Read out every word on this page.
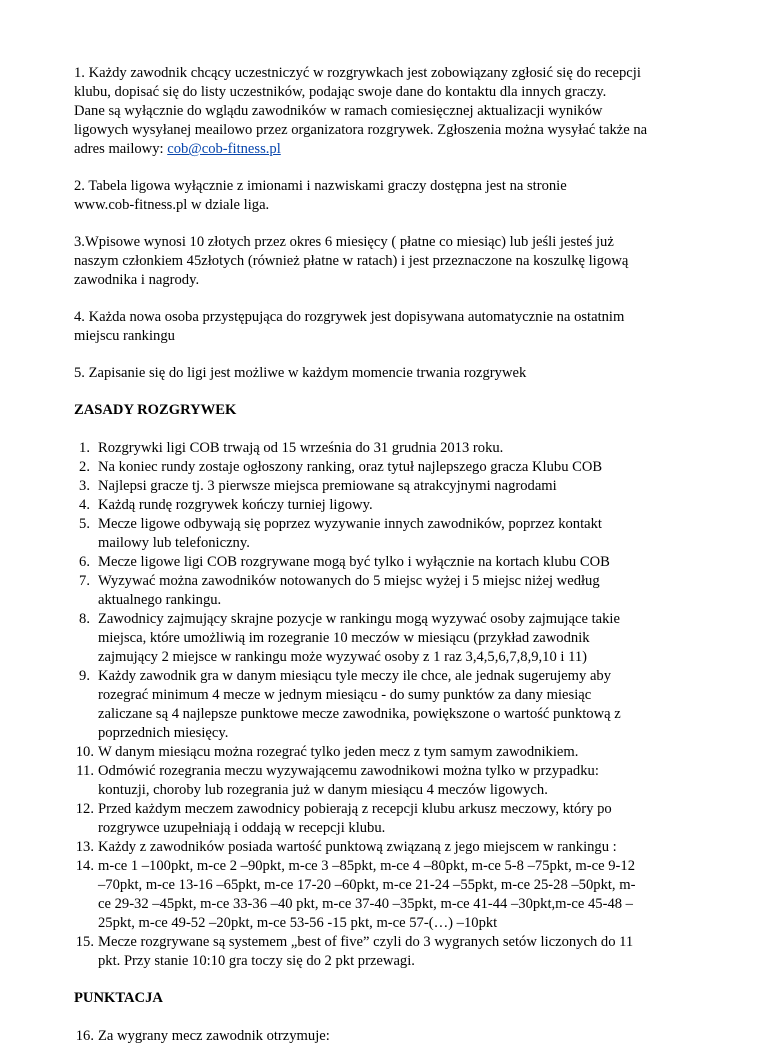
1. Każdy zawodnik chcący uczestniczyć w rozgrywkach jest zobowiązany zgłosić się do recepcji
klubu, dopisać się do listy uczestników, podając swoje dane do kontaktu dla innych graczy.
Dane są wyłącznie do wglądu zawodników w ramach comiesięcznej aktualizacji wyników
ligowych wysyłanej meailowo przez organizatora rozgrywek. Zgłoszenia można wysyłać także na
adres mailowy: cob@cob-fitness.pl
2. Tabela ligowa wyłącznie z imionami i nazwiskami graczy dostępna jest na stronie
www.cob-fitness.pl w dziale liga.
3.Wpisowe wynosi 10 złotych przez okres 6 miesięcy ( płatne co miesiąc) lub jeśli jesteś już
naszym członkiem 45złotych (również płatne w ratach) i jest przeznaczone na koszulkę ligową
zawodnika i nagrody.
4. Każda nowa osoba przystępująca do rozgrywek jest dopisywana automatycznie na ostatnim
miejscu rankingu
5. Zapisanie się do ligi jest możliwe w każdym momencie trwania rozgrywek
ZASADY ROZGRYWEK
1. Rozgrywki ligi COB trwają od 15 września do 31 grudnia 2013 roku.
2. Na koniec rundy zostaje ogłoszony ranking, oraz tytuł najlepszego gracza Klubu COB
3. Najlepsi gracze tj. 3 pierwsze miejsca premiowane są atrakcyjnymi nagrodami
4. Każdą rundę rozgrywek kończy turniej ligowy.
5. Mecze ligowe odbywają się poprzez wyzywanie innych zawodników, poprzez kontakt
mailowy lub telefoniczny.
6. Mecze ligowe ligi COB rozgrywane mogą być tylko i wyłącznie na kortach klubu COB
7. Wyzywać można zawodników notowanych do 5 miejsc wyżej i 5 miejsc niżej według
aktualnego rankingu.
8. Zawodnicy zajmujący skrajne pozycje w rankingu mogą wyzywać osoby zajmujące takie
miejsca, które umożliwią im rozegranie 10 meczów w miesiącu (przykład zawodnik
zajmujący 2 miejsce w rankingu może wyzywać osoby z 1 raz 3,4,5,6,7,8,9,10 i 11)
9. Każdy zawodnik gra w danym miesiącu tyle meczy ile chce, ale jednak sugerujemy aby
rozegrać minimum 4 mecze w jednym miesiącu - do sumy punktów za dany miesiąc
zaliczane są 4 najlepsze punktowe mecze zawodnika, powiększone o wartość punktową z
poprzednich miesięcy.
10. W danym miesiącu można rozegrać tylko jeden mecz z tym samym zawodnikiem.
11. Odmówić rozegrania meczu wyzywającemu zawodnikowi można tylko w przypadku:
kontuzji, choroby lub rozegrania już w danym miesiącu 4 meczów ligowych.
12. Przed każdym meczem zawodnicy pobierają z recepcji klubu arkusz meczowy, który po
rozgrywce uzupełniają i oddają w recepcji klubu.
13. Każdy z zawodników posiada wartość punktową związaną z jego miejscem w rankingu :
14. m-ce 1 –100pkt, m-ce 2 –90pkt, m-ce 3 –85pkt, m-ce 4 –80pkt, m-ce 5-8 –75pkt, m-ce 9-12
–70pkt, m-ce 13-16 –65pkt, m-ce 17-20 –60pkt, m-ce 21-24 –55pkt, m-ce 25-28 –50pkt, m-
ce 29-32 –45pkt, m-ce 33-36 –40 pkt, m-ce 37-40 –35pkt, m-ce 41-44 –30pkt,m-ce 45-48 –
25pkt, m-ce 49-52 –20pkt, m-ce 53-56 -15 pkt, m-ce 57-(…) –10pkt
15. Mecze rozgrywane są systemem „best of five” czyli do 3 wygranych setów liczonych do 11
pkt. Przy stanie 10:10 gra toczy się do 2 pkt przewagi.
PUNKTACJA
16. Za wygrany mecz zawodnik otrzymuje:
